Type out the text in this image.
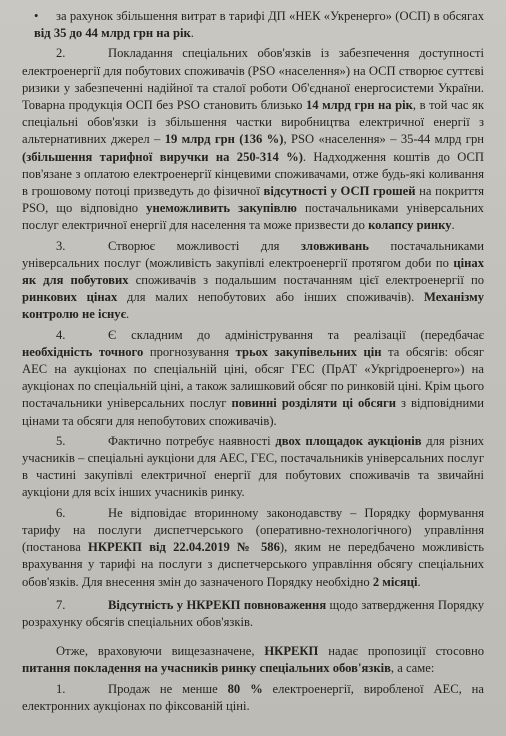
• за рахунок збільшення витрат в тарифі ДП «НЕК «Укренерго» (ОСП) в обсягах від 35 до 44 млрд грн на рік.

2.	Покладання спеціальних обов'язків із забезпечення доступності електроенергії для побутових споживачів (PSO «населення») на ОСП створює суттєві ризики у забезпеченні надійної та сталої роботи Об'єднаної енергосистеми України. Товарна продукція ОСП без PSO становить близько 14 млрд грн на рік, в той час як спеціальні обов'язки із збільшення частки виробництва електричної енергії з альтернативних джерел – 19 млрд грн (136 %), PSO «населення» – 35-44 млрд грн (збільшення тарифної виручки на 250-314 %). Надходження коштів до ОСП пов'язане з оплатою електроенергії кінцевими споживачами, отже будь-які коливання в грошовому потоці призведуть до фізичної відсутності у ОСП грошей на покриття PSO, що відповідно унеможливить закупівлю постачальниками універсальних послуг електричної енергії для населення та може призвести до колапсу ринку.

3.	Створює можливості для зловживань постачальниками універсальних послуг (можливість закупівлі електроенергії протягом доби по цінах як для побутових споживачів з подальшим постачанням цієї електроенергії по ринкових цінах для малих непобутових або інших споживачів). Механізму контролю не існує.

4.	Є складним до адміністрування та реалізації (передбачає необхідність точного прогнозування трьох закупівельних цін та обсягів: обсяг АЕС на аукціонах по спеціальній ціні, обсяг ГЕС (ПрАТ «Укргідроенерго») на аукціонах по спеціальній ціні, а також залишковий обсяг по ринковій ціні. Крім цього постачальники універсальних послуг повинні розділяти ці обсяги з відповідними цінами та обсяги для непобутових споживачів).

5.	Фактично потребує наявності двох площадок аукціонів для різних учасників – спеціальні аукціони для АЕС, ГЕС, постачальників універсальних послуг в частині закупівлі електричної енергії для побутових споживачів та звичайні аукціони для всіх інших учасників ринку.

6.	Не відповідає вторинному законодавству – Порядку формування тарифу на послуги диспетчерського (оперативно-технологічного) управління (постанова НКРЕКП від 22.04.2019 № 586), яким не передбачено можливість врахування у тарифі на послуги з диспетчерського управління обсягу спеціальних обов'язків. Для внесення змін до зазначеного Порядку необхідно 2 місяці.

7.	Відсутність у НКРЕКП повноваження щодо затвердження Порядку розрахунку обсягів спеціальних обов'язків.

Отже, враховуючи вищезазначене, НКРЕКП надає пропозиції стосовно питання покладення на учасників ринку спеціальних обов'язків, а саме:

1.	Продаж не менше 80 % електроенергії, виробленої АЕС, на електронних аукціонах по фіксованій ціні.
